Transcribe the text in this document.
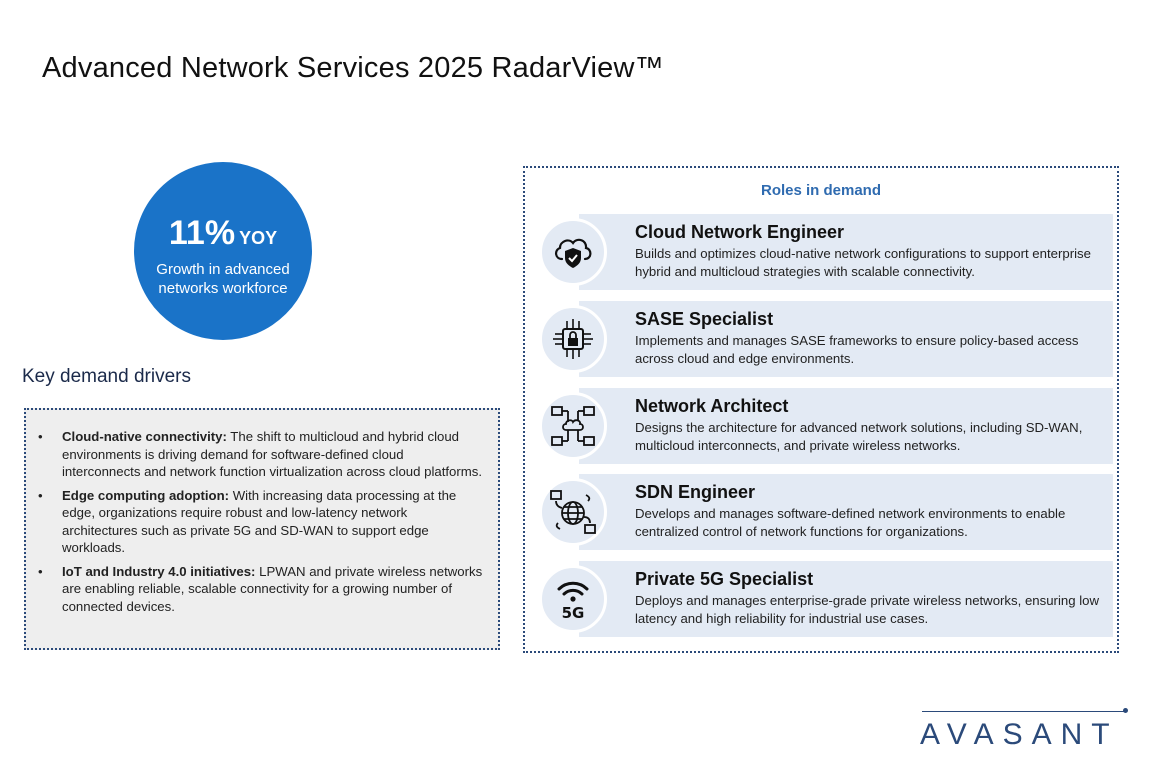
Advanced Network Services 2025 RadarView™
11% YOY
Growth in advanced networks workforce
Key demand drivers
• Cloud-native connectivity: The shift to multicloud and hybrid cloud environments is driving demand for software-defined cloud interconnects and network function virtualization across cloud platforms.
• Edge computing adoption: With increasing data processing at the edge, organizations require robust and low-latency network architectures such as private 5G and SD-WAN to support edge workloads.
• IoT and Industry 4.0 initiatives: LPWAN and private wireless networks are enabling reliable, scalable connectivity for a growing number of connected devices.
Roles in demand
Cloud Network Engineer
Builds and optimizes cloud-native network configurations to support enterprise hybrid and multicloud strategies with scalable connectivity.
SASE Specialist
Implements and manages SASE frameworks to ensure policy-based access across cloud and edge environments.
Network Architect
Designs the architecture for advanced network solutions, including SD-WAN, multicloud interconnects, and private wireless networks.
SDN Engineer
Develops and manages software-defined network environments to enable centralized control of network functions for organizations.
5G
Private 5G Specialist
Deploys and manages enterprise-grade private wireless networks, ensuring low latency and high reliability for industrial use cases.
AVASANT
